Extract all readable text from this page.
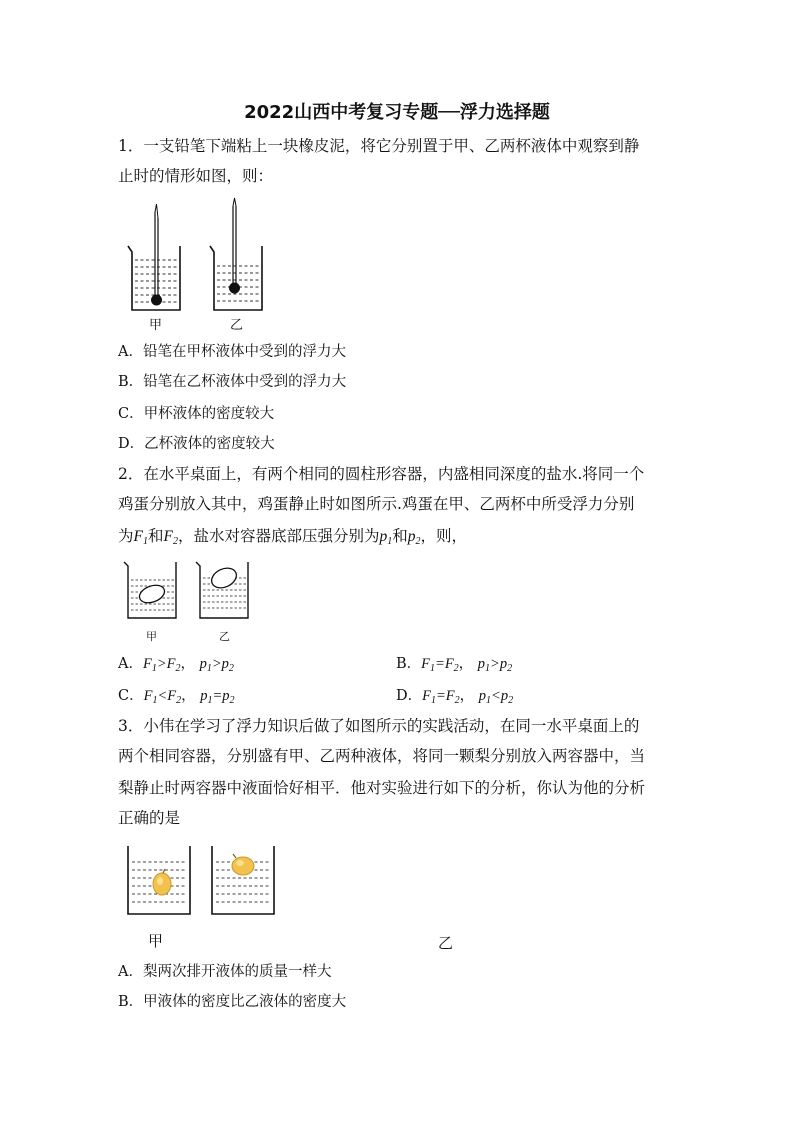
2022山西中考复习专题──浮力选择题
1．一支铅笔下端粘上一块橡皮泥，将它分别置于甲、乙两杯液体中观察到静
止时的情形如图，则：
甲	乙
A．铅笔在甲杯液体中受到的浮力大
B．铅笔在乙杯液体中受到的浮力大
C．甲杯液体的密度较大
D．乙杯液体的密度较大
2．在水平桌面上，有两个相同的圆柱形容器，内盛相同深度的盐水.将同一个
鸡蛋分别放入其中，鸡蛋静止时如图所示.鸡蛋在甲、乙两杯中所受浮力分别
为$F_1$和$F_2$，盐水对容器底部压强分别为$p_1$和$p_2$，则，
甲	乙
A．$F_1>F_2$， $p_1>p_2$	B．$F_1=F_2$， $p_1>p_2$
C．$F_1<F_2$， $p_1=p_2$	D．$F_1=F_2$， $p_1<p_2$
3．小伟在学习了浮力知识后做了如图所示的实践活动，在同一水平桌面上的
两个相同容器，分别盛有甲、乙两种液体，将同一颗梨分别放入两容器中，当
梨静止时两容器中液面恰好相平．他对实验进行如下的分析，你认为他的分析
正确的是
甲	乙
A．梨两次排开液体的质量一样大
B．甲液体的密度比乙液体的密度大
